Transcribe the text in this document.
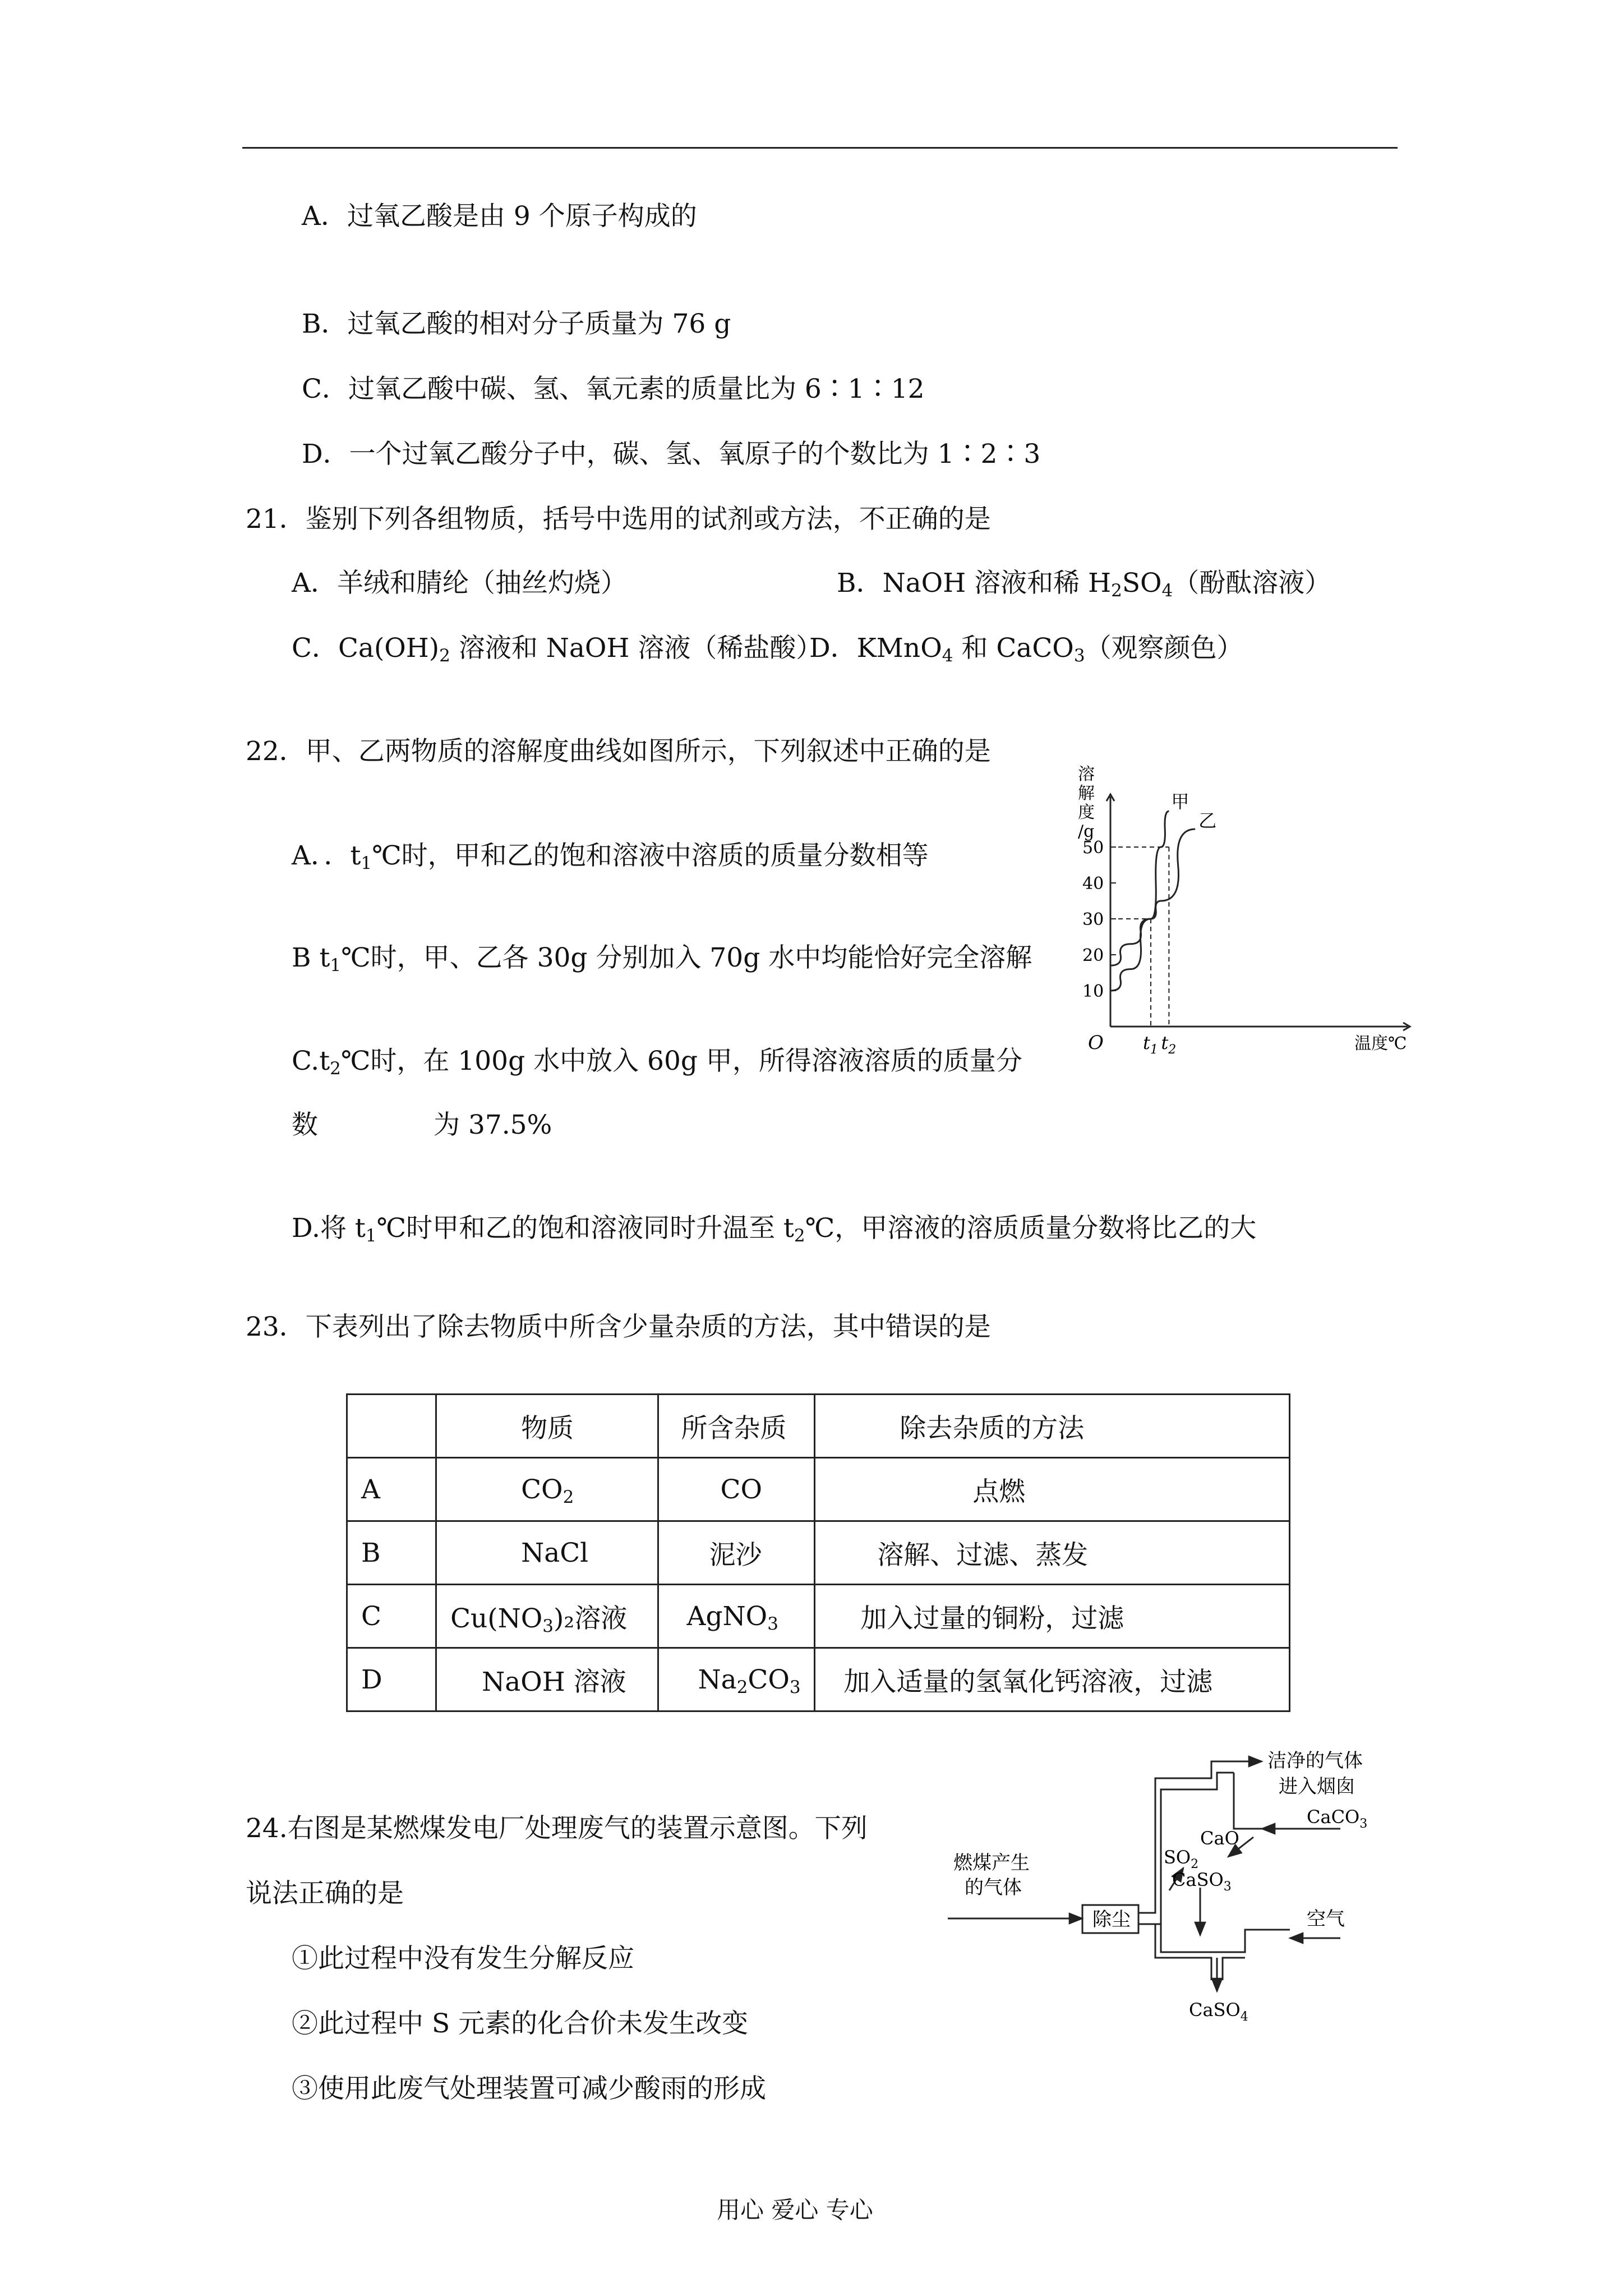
A．过氧乙酸是由 9 个原子构成的
B．过氧乙酸的相对分子质量为 76 g
C．过氧乙酸中碳、氢、氧元素的质量比为 6∶1∶12
D．一个过氧乙酸分子中，碳、氢、氧原子的个数比为 1∶2∶3
21．鉴别下列各组物质，括号中选用的试剂或方法，不正确的是
A．羊绒和腈纶（抽丝灼烧）	B．NaOH 溶液和稀 $H_2SO_4$（酚酞溶液）
C．$Ca(OH)_2$ 溶液和 NaOH 溶液（稀盐酸）
D．KMnO$_4$ 和 CaCO$_3$（观察颜色）
22．甲、乙两物质的溶解度曲线如图所示，下列叙述中正确的是
A．．$t_1℃$时，甲和乙的饱和溶液中溶质的质量分数相等
B $t_1℃$时，甲、乙各 30g 分别加入 70g 水中均能恰好完全溶解
$C.t_2℃$时，在 100g 水中放入 60g 甲，所得溶液溶质的质量分
数	为 37.5%
D.将 $t_1℃$时甲和乙的饱和溶液同时升温至 $t_2℃$，甲溶液的溶质质量分数将比乙的大
10
20
30
40
50
溶
解
度
/g
O	温度℃
$t_1$ $t_2$
甲
乙
23．下表列出了除去物质中所含少量杂质的方法，其中错误的是
	物质	所含杂质	除去杂质的方法
A	$CO_2$	CO	点燃
B	NaCl	泥沙	溶解、过滤、蒸发
C	$Cu(NO_3)_2$溶液	AgNO$_3$	加入过量的铜粉，过滤
D	NaOH 溶液	$Na_2CO_3$	加入适量的氢氧化钙溶液，过滤
24.右图是某燃煤发电厂处理废气的装置示意图。下列
说法正确的是
①此过程中没有发生分解反应
②此过程中 S 元素的化合价未发生改变
③使用此废气处理装置可减少酸雨的形成
燃煤产生
的气体
除尘
$SO_2$
CaO
CaSO$_3$
CaCO$_3$
空气
CaSO$_4$
洁净的气体
进入烟囱
用心 爱心 专心
